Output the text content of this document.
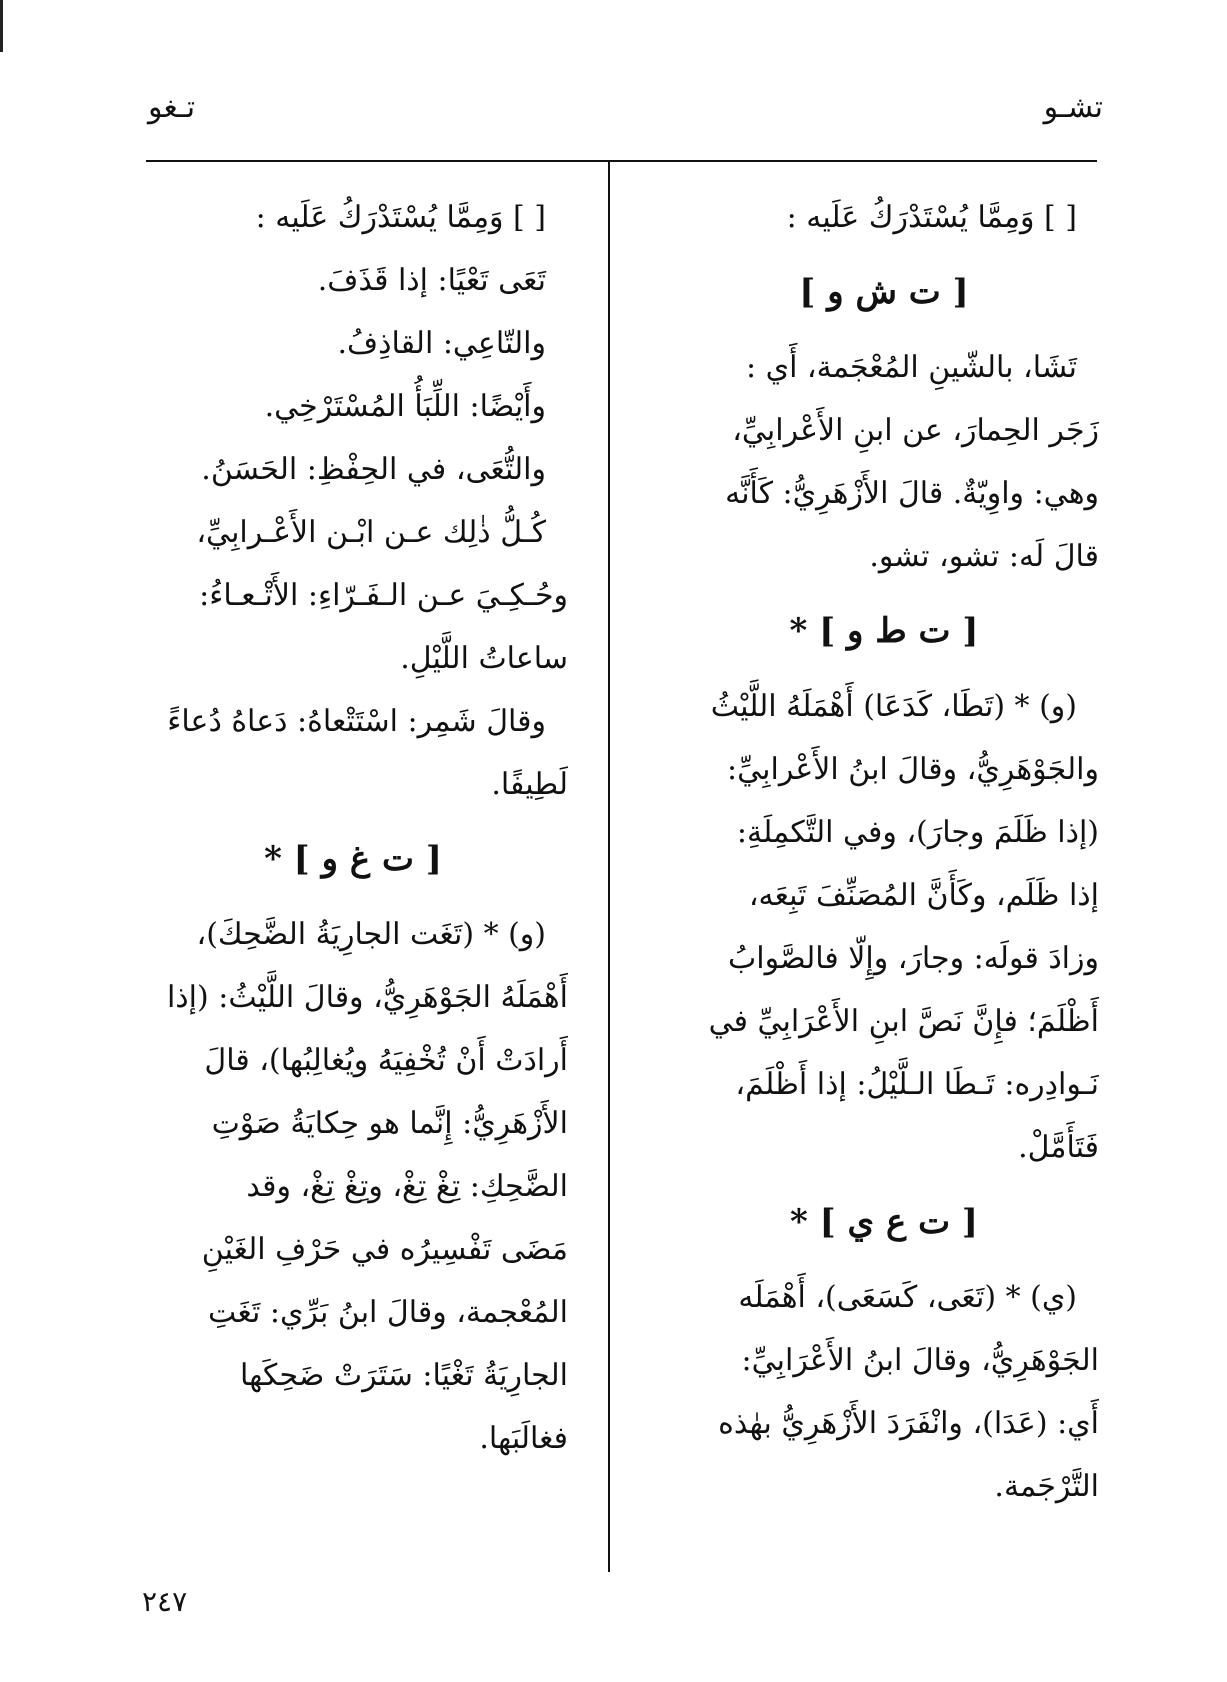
تشـو
تـغو
[ ] وَمِمَّا يُسْتَدْرَكُ عَلَيه :
[ ت ش و ]
تَشَا، بالشّينِ المُعْجَمة، أَي :
زَجَر الحِمارَ، عن ابنِ الأَعْرابِيِّ،
وهي: واوِيّةٌ. قالَ الأَزْهَرِيُّ: كَأَنَّه
قالَ لَه: تشو، تشو.
[ ت ط و ] *
(و) * (تَطَا، كَدَعَا) أَهْمَلَهُ اللَّيْثُ
والجَوْهَرِيُّ، وقالَ ابنُ الأَعْرابِيِّ:
(إذا ظَلَمَ وجارَ)، وفي التَّكمِلَةِ:
إذا ظَلَم، وكَأَنَّ المُصَنِّفَ تَبِعَه،
وزادَ قولَه: وجارَ، وإِلّا فالصَّوابُ
أَظْلَمَ؛ فإِنَّ نَصَّ ابنِ الأَعْرَابِيِّ في
نَـوادِره: تَـطَا الـلَّيْلُ: إذا أَظْلَمَ،
فَتَأَمَّلْ.
[ ت ع ي ] *
(ي) * (تَعَى، كَسَعَى)، أَهْمَلَه
الجَوْهَرِيُّ، وقالَ ابنُ الأَعْرَابِيِّ:
أَي: (عَدَا)، وانْفَرَدَ الأَزْهَرِيُّ بهٰذه
التَّرْجَمة.
[ ] وَمِمَّا يُسْتَدْرَكُ عَلَيه :
تَعَى تَعْيًا: إذا قَذَفَ.
والتّاعِي: القاذِفُ.
وأَيْضًا: اللِّبَأُ المُسْتَرْخِي.
والتُّعَى، في الحِفْظِ: الحَسَنُ.
كُـلُّ ذٰلِك عـن ابْـن الأَعْـرابِيِّ،
وحُـكِـيَ عـن الـفَـرّاءِ: الأَتْـعـاءُ:
ساعاتُ اللَّيْلِ.
وقالَ شَمِر: اسْتَتْعاهُ: دَعاهُ دُعاءً
لَطِيفًا.
[ ت غ و ] *
(و) * (تَغَت الجارِيَةُ الضَّحِكَ)،
أَهْمَلَهُ الجَوْهَرِيُّ، وقالَ اللَّيْثُ: (إذا
أَرادَتْ أَنْ تُخْفِيَهُ ويُغالِبُها)، قالَ
الأَزْهَرِيُّ: إِنَّما هو حِكايَةُ صَوْتِ
الضَّحِكِ: تِغْ تِغْ، وتِغْ تِغْ، وقد
مَضَى تَفْسِيرُه في حَرْفِ الغَيْنِ
المُعْجمة، وقالَ ابنُ بَرِّي: تَغَتِ
الجارِيَةُ تَغْيًا: سَتَرَتْ ضَحِكَها
فغالَبَها.
٢٤٧
